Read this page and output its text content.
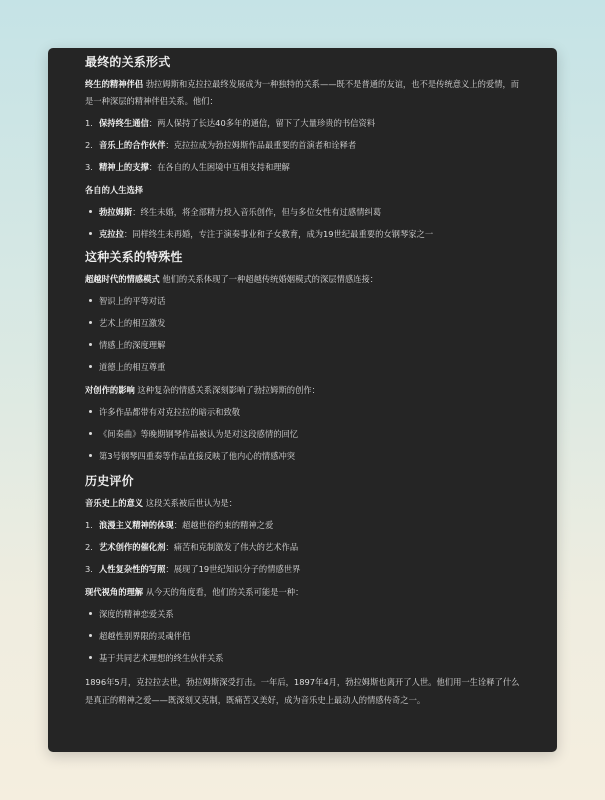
最终的关系形式

终生的精神伴侣 勃拉姆斯和克拉拉最终发展成为一种独特的关系——既不是普通的友谊，也不是传统意义上的爱情，而是一种深层的精神伴侣关系。他们：

1. 保持终生通信：两人保持了长达40多年的通信，留下了大量珍贵的书信资料
2. 音乐上的合作伙伴：克拉拉成为勃拉姆斯作品最重要的首演者和诠释者
3. 精神上的支撑：在各自的人生困境中互相支持和理解
各自的人生选择
勃拉姆斯：终生未婚，将全部精力投入音乐创作，但与多位女性有过感情纠葛
克拉拉：同样终生未再婚，专注于演奏事业和子女教育，成为19世纪最重要的女钢琴家之一
这种关系的特殊性

超越时代的情感模式 他们的关系体现了一种超越传统婚姻模式的深层情感连接：

智识上的平等对话
艺术上的相互激发
情感上的深度理解
道德上的相互尊重

对创作的影响 这种复杂的情感关系深刻影响了勃拉姆斯的创作：

许多作品都带有对克拉拉的暗示和致敬
《间奏曲》等晚期钢琴作品被认为是对这段感情的回忆
第3号钢琴四重奏等作品直接反映了他内心的情感冲突
历史评价

音乐史上的意义 这段关系被后世认为是：

1. 浪漫主义精神的体现：超越世俗约束的精神之爱
2. 艺术创作的催化剂：痛苦和克制激发了伟大的艺术作品
3. 人性复杂性的写照：展现了19世纪知识分子的情感世界

现代视角的理解 从今天的角度看，他们的关系可能是一种：

深度的精神恋爱关系
超越性别界限的灵魂伴侣
基于共同艺术理想的终生伙伴关系

1896年5月，克拉拉去世，勃拉姆斯深受打击。一年后，1897年4月，勃拉姆斯也离开了人世。他们用一生诠释了什么是真正的精神之爱——既深刻又克制，既痛苦又美好，成为音乐史上最动人的情感传奇之一。
